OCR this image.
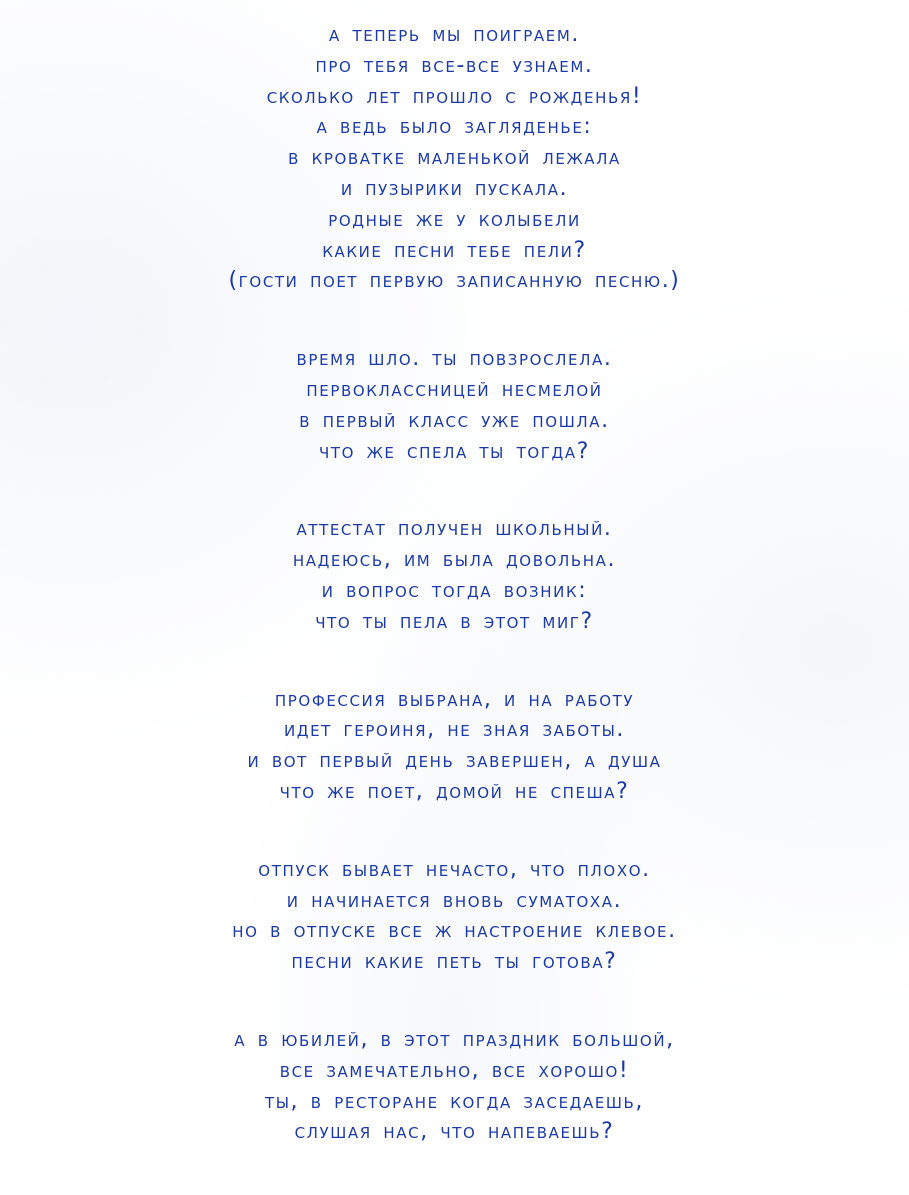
а теперь мы поиграем.
про тебя все-все узнаем.
сколько лет прошло с рожденья!
а ведь было загляденье:
в кроватке маленькой лежала
и пузырики пускала.
родные же у колыбели
какие песни тебе пели?
(гости поет первую записанную песню.)
время шло. ты повзрослела.
первоклассницей несмелой
в первый класс уже пошла.
что же спела ты тогда?
аттестат получен школьный.
надеюсь, им была довольна.
и вопрос тогда возник:
что ты пела в этот миг?
профессия выбрана, и на работу
идет героиня, не зная заботы.
и вот первый день завершен, а душа
что же поет, домой не спеша?
отпуск бывает нечасто, что плохо.
и начинается вновь суматоха.
но в отпуске все ж настроение клевое.
песни какие петь ты готова?
а в юбилей, в этот праздник большой,
все замечательно, все хорошо!
ты, в ресторане когда заседаешь,
слушая нас, что напеваешь?
